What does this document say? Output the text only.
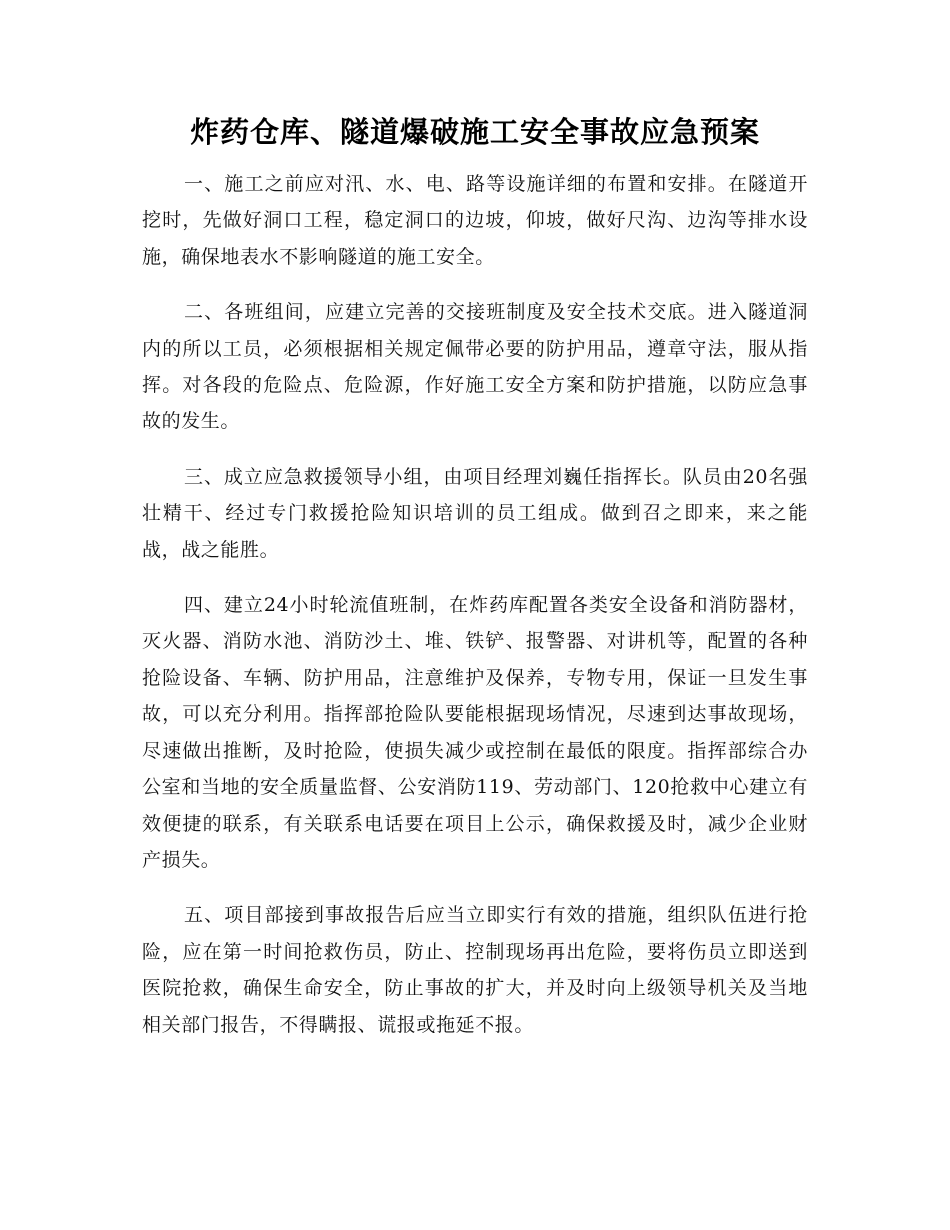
炸药仓库、隧道爆破施工安全事故应急预案

一、施工之前应对汛、水、电、路等设施详细的布置和安排。在隧道开挖时，先做好洞口工程，稳定洞口的边坡，仰坡，做好尺沟、边沟等排水设施，确保地表水不影响隧道的施工安全。

二、各班组间，应建立完善的交接班制度及安全技术交底。进入隧道洞内的所以工员，必须根据相关规定佩带必要的防护用品，遵章守法，服从指挥。对各段的危险点、危险源，作好施工安全方案和防护措施，以防应急事故的发生。

三、成立应急救援领导小组，由项目经理刘巍任指挥长。队员由20名强壮精干、经过专门救援抢险知识培训的员工组成。做到召之即来，来之能战，战之能胜。

四、建立24小时轮流值班制，在炸药库配置各类安全设备和消防器材，灭火器、消防水池、消防沙土、堆、铁铲、报警器、对讲机等，配置的各种抢险设备、车辆、防护用品，注意维护及保养，专物专用，保证一旦发生事故，可以充分利用。指挥部抢险队要能根据现场情况，尽速到达事故现场，尽速做出推断，及时抢险，使损失减少或控制在最低的限度。指挥部综合办公室和当地的安全质量监督、公安消防119、劳动部门、120抢救中心建立有效便捷的联系，有关联系电话要在项目上公示，确保救援及时，减少企业财产损失。

五、项目部接到事故报告后应当立即实行有效的措施，组织队伍进行抢险，应在第一时间抢救伤员，防止、控制现场再出危险，要将伤员立即送到医院抢救，确保生命安全，防止事故的扩大，并及时向上级领导机关及当地相关部门报告，不得瞒报、谎报或拖延不报。
